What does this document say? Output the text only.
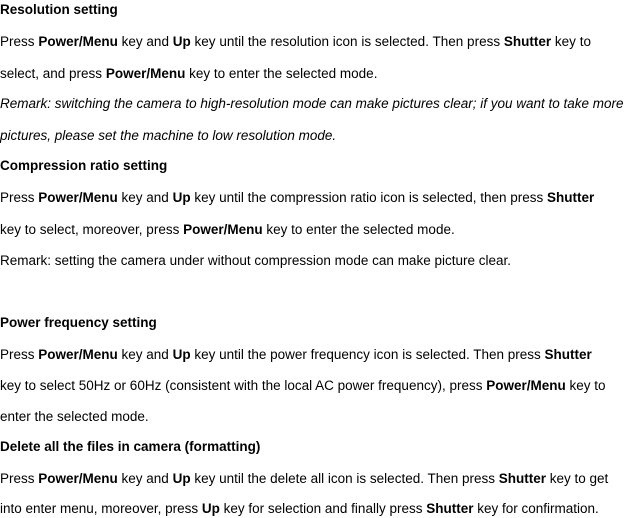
Resolution setting
Press Power/Menu key and Up key until the resolution icon is selected. Then press Shutter key to
select, and press Power/Menu key to enter the selected mode.
Remark: switching the camera to high-resolution mode can make pictures clear; if you want to take more
pictures, please set the machine to low resolution mode.
Compression ratio setting
Press Power/Menu key and Up key until the compression ratio icon is selected, then press Shutter
key to select, moreover, press Power/Menu key to enter the selected mode.
Remark: setting the camera under without compression mode can make picture clear.
Power frequency setting
Press Power/Menu key and Up key until the power frequency icon is selected. Then press Shutter
key to select 50Hz or 60Hz (consistent with the local AC power frequency), press Power/Menu key to
enter the selected mode.
Delete all the files in camera (formatting)
Press Power/Menu key and Up key until the delete all icon is selected. Then press Shutter key to get
into enter menu, moreover, press Up key for selection and finally press Shutter key for confirmation.
